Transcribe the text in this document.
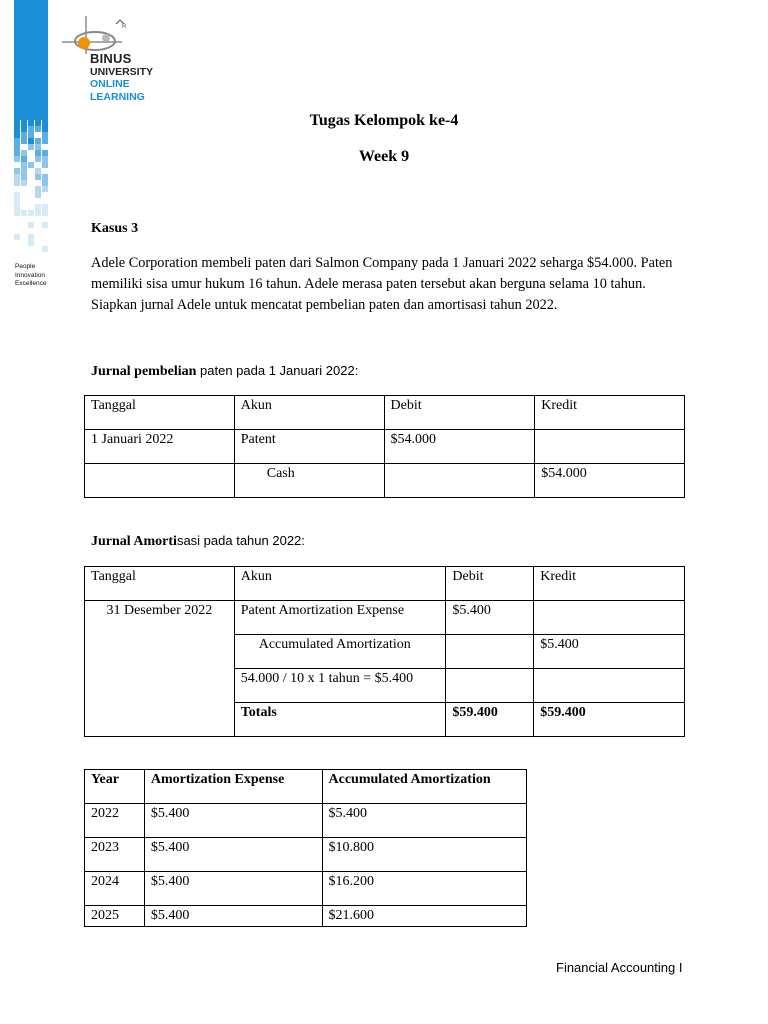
People
Innovation
Excellence
R
BINUS
UNIVERSITY
ONLINE
LEARNING
Tugas Kelompok ke-4
Week 9
Kasus 3

Adele Corporation membeli paten dari Salmon Company pada 1 Januari 2022 seharga $54.000. Paten memiliki sisa umur hukum 16 tahun. Adele merasa paten tersebut akan berguna selama 10 tahun. Siapkan jurnal Adele untuk mencatat pembelian paten dan amortisasi tahun 2022.

Jurnal pembelian paten pada 1 Januari 2022:
Tanggal	Akun	Debit	Kredit
1 Januari 2022	Patent	$54.000	
	Cash		$54.000
Jurnal Amortisasi pada tahun 2022:
Tanggal	Akun	Debit	Kredit
31 Desember 2022	Patent Amortization Expense	$5.400	
	Accumulated Amortization		$5.400
	54.000 / 10 x 1 tahun = $5.400		
	Totals	$59.400	$59.400
Year	Amortization Expense	Accumulated Amortization
2022	$5.400	$5.400
2023	$5.400	$10.800
2024	$5.400	$16.200
2025	$5.400	$21.600
Financial Accounting I
